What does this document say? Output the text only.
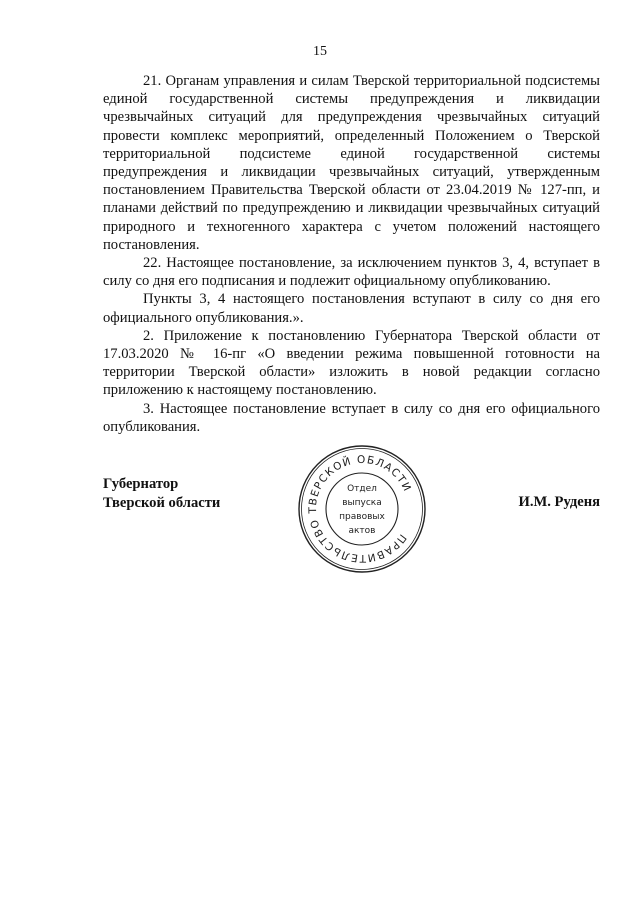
15

21. Органам управления и силам Тверской территориальной подсистемы единой государственной системы предупреждения и ликвидации чрезвычайных ситуаций для предупреждения чрезвычайных ситуаций провести комплекс мероприятий, определенный Положением о Тверской территориальной подсистеме единой государственной системы предупреждения и ликвидации чрезвычайных ситуаций, утвержденным постановлением Правительства Тверской области от 23.04.2019 № 127-пп, и планами действий по предупреждению и ликвидации чрезвычайных ситуаций природного и техногенного характера с учетом положений настоящего постановления.

22. Настоящее постановление, за исключением пунктов 3, 4, вступает в силу со дня его подписания и подлежит официальному опубликованию.

Пункты 3, 4 настоящего постановления вступают в силу со дня его официального опубликования.».

2. Приложение к постановлению Губернатора Тверской области от 17.03.2020 № 16-пг «О введении режима повышенной готовности на территории Тверской области» изложить в новой редакции согласно приложению к настоящему постановлению.

3. Настоящее постановление вступает в силу со дня его официального опубликования.

Губернатор
Тверской области	И.М. Руденя
ПРАВИТЕЛЬСТВО ТВЕРСКОЙ ОБЛАСТИ
Отдел
выпуска
правовых
актов
